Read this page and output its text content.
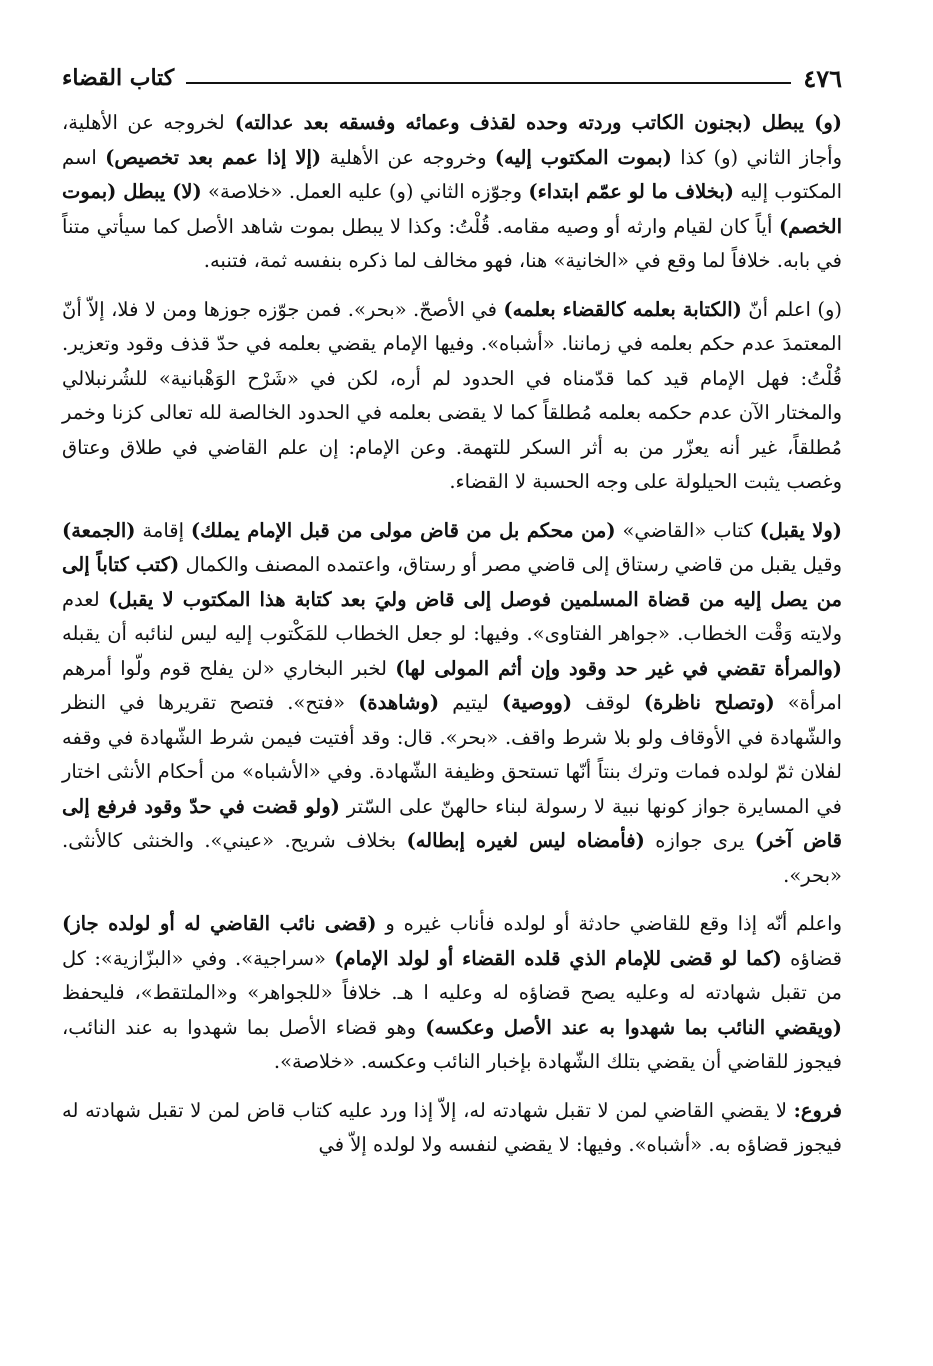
٤٧٦
كتاب القضاء

(و) يبطل (بجنون الكاتب وردته وحده لقذف وعمائه وفسقه بعد عدالته) لخروجه عن الأهلية، وأجاز الثاني (و) كذا (بموت المكتوب إليه) وخروجه عن الأهلية (إلا إذا عمم بعد تخصيص) اسم المكتوب إليه (بخلاف ما لو عمّم ابتداء) وجوّزه الثاني (و) عليه العمل. «خلاصة» (لا) يبطل (بموت الخصم) أياً كان لقيام وارثه أو وصيه مقامه. قُلْتُ: وكذا لا يبطل بموت شاهد الأصل كما سيأتي متناً في بابه. خلافاً لما وقع في «الخانية» هنا، فهو مخالف لما ذكره بنفسه ثمة، فتنبه.

(و) اعلم أنّ (الكتابة بعلمه كالقضاء بعلمه) في الأصحّ. «بحر». فمن جوّزه جوزها ومن لا فلا، إلاّ أنّ المعتمدَ عدم حكم بعلمه في زماننا. «أشباه». وفيها الإمام يقضي بعلمه في حدّ قذف وقود وتعزير. قُلْتُ: فهل الإمام قيد كما قدّمناه في الحدود لم أره، لكن في «شَرْح الوَهْبانية» للشُرنبلالي والمختار الآن عدم حكمه بعلمه مُطلقاً كما لا يقضى بعلمه في الحدود الخالصة لله تعالى كزنا وخمر مُطلقاً، غير أنه يعزّر من به أثر السكر للتهمة. وعن الإمام: إن علم القاضي في طلاق وعتاق وغصب يثبت الحيلولة على وجه الحسبة لا القضاء.

(ولا يقبل) كتاب «القاضي» (من محكم بل من قاض مولى من قبل الإمام يملك) إقامة (الجمعة) وقيل يقبل من قاضي رستاق إلى قاضي مصر أو رستاق، واعتمده المصنف والكمال (كتب كتاباً إلى من يصل إليه من قضاة المسلمين فوصل إلى قاض وليَ بعد كتابة هذا المكتوب لا يقبل) لعدم ولايته وَقْت الخطاب. «جواهر الفتاوى». وفيها: لو جعل الخطاب للمَكْتوب إليه ليس لنائبه أن يقبله (والمرأة تقضي في غير حد وقود وإن أثم المولى لها) لخبر البخاري «لن يفلح قوم ولّوا أمرهم امرأة» (وتصلح ناظرة) لوقف (ووصية) ليتيم (وشاهدة) «فتح». فتصح تقريرها في النظر والشّهادة في الأوقاف ولو بلا شرط واقف. «بحر». قال: وقد أفتيت فيمن شرط الشّهادة في وقفه لفلان ثمّ لولده فمات وترك بنتاً أنّها تستحق وظيفة الشّهادة. وفي «الأشباه» من أحكام الأنثى اختار في المسايرة جواز كونها نبية لا رسولة لبناء حالهنّ على السّتر (ولو قضت في حدّ وقود فرفع إلى قاض آخر) يرى جوازه (فأمضاه ليس لغيره إبطاله) بخلاف شريح. «عيني». والخنثى كالأنثى. «بحر».

واعلم أنّه إذا وقع للقاضي حادثة أو لولده فأناب غيره و (قضى نائب القاضي له أو لولده جاز) قضاؤه (كما لو قضى للإمام الذي قلده القضاء أو لولد الإمام) «سراجية». وفي «البزّازية»: كل من تقبل شهادته له وعليه يصح قضاؤه له وعليه ا هـ. خلافاً «للجواهر» و«الملتقط»، فليحفظ (ويقضي النائب بما شهدوا به عند الأصل وعكسه) وهو قضاء الأصل بما شهدوا به عند النائب، فيجوز للقاضي أن يقضي بتلك الشّهادة بإخبار النائب وعكسه. «خلاصة».

فروع: لا يقضي القاضي لمن لا تقبل شهادته له، إلاّ إذا ورد عليه كتاب قاض لمن لا تقبل شهادته له فيجوز قضاؤه به. «أشباه». وفيها: لا يقضي لنفسه ولا لولده إلاّ في
